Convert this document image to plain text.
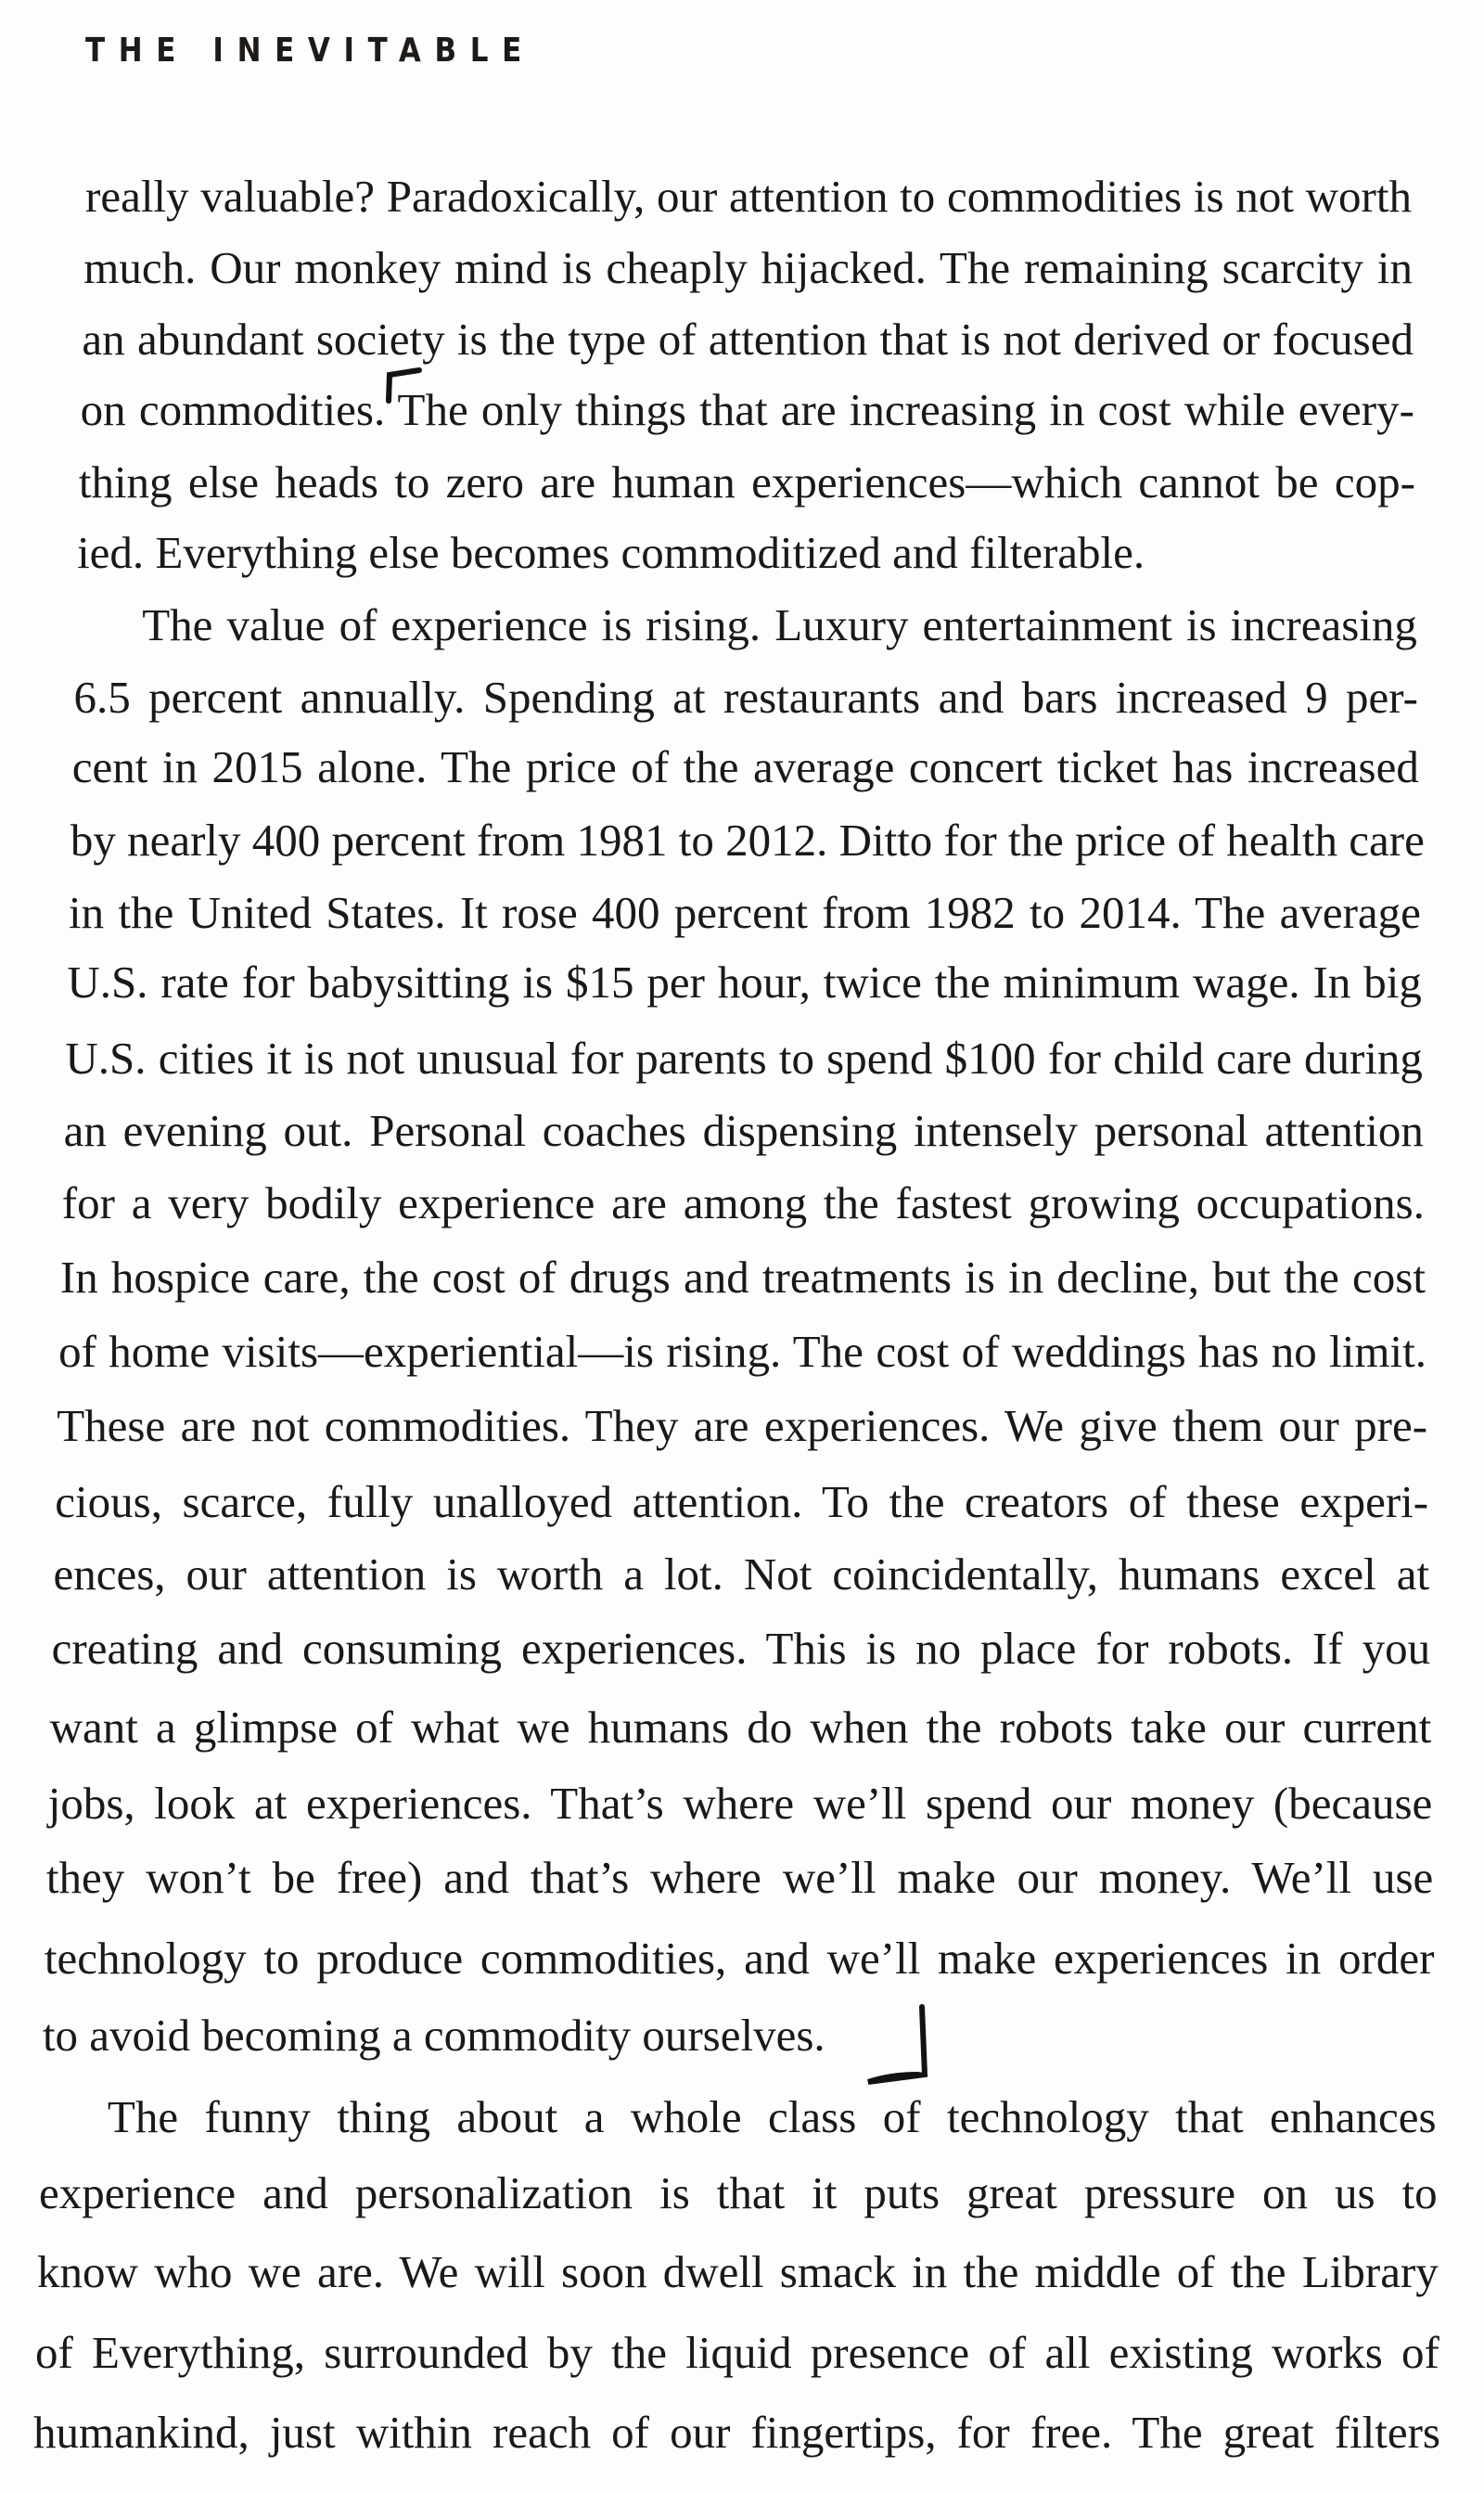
THE INEVITABLE
really valuable? Paradoxically, our attention to commodities is not worth
much. Our monkey mind is cheaply hijacked. The remaining scarcity in
an abundant society is the type of attention that is not derived or focused
on commodities. The only things that are increasing in cost while every-
thing else heads to zero are human experiences—which cannot be cop-
ied. Everything else becomes commoditized and filterable.
The value of experience is rising. Luxury entertainment is increasing
6.5 percent annually. Spending at restaurants and bars increased 9 per-
cent in 2015 alone. The price of the average concert ticket has increased
by nearly 400 percent from 1981 to 2012. Ditto for the price of health care
in the United States. It rose 400 percent from 1982 to 2014. The average
U.S. rate for babysitting is $15 per hour, twice the minimum wage. In big
U.S. cities it is not unusual for parents to spend $100 for child care during
an evening out. Personal coaches dispensing intensely personal attention
for a very bodily experience are among the fastest growing occupations.
In hospice care, the cost of drugs and treatments is in decline, but the cost
of home visits—experiential—is rising. The cost of weddings has no limit.
These are not commodities. They are experiences. We give them our pre-
cious, scarce, fully unalloyed attention. To the creators of these experi-
ences, our attention is worth a lot. Not coincidentally, humans excel at
creating and consuming experiences. This is no place for robots. If you
want a glimpse of what we humans do when the robots take our current
jobs, look at experiences. That’s where we’ll spend our money (because
they won’t be free) and that’s where we’ll make our money. We’ll use
technology to produce commodities, and we’ll make experiences in order
to avoid becoming a commodity ourselves.
The funny thing about a whole class of technology that enhances
experience and personalization is that it puts great pressure on us to
know who we are. We will soon dwell smack in the middle of the Library
of Everything, surrounded by the liquid presence of all existing works of
humankind, just within reach of our fingertips, for free. The great filters
